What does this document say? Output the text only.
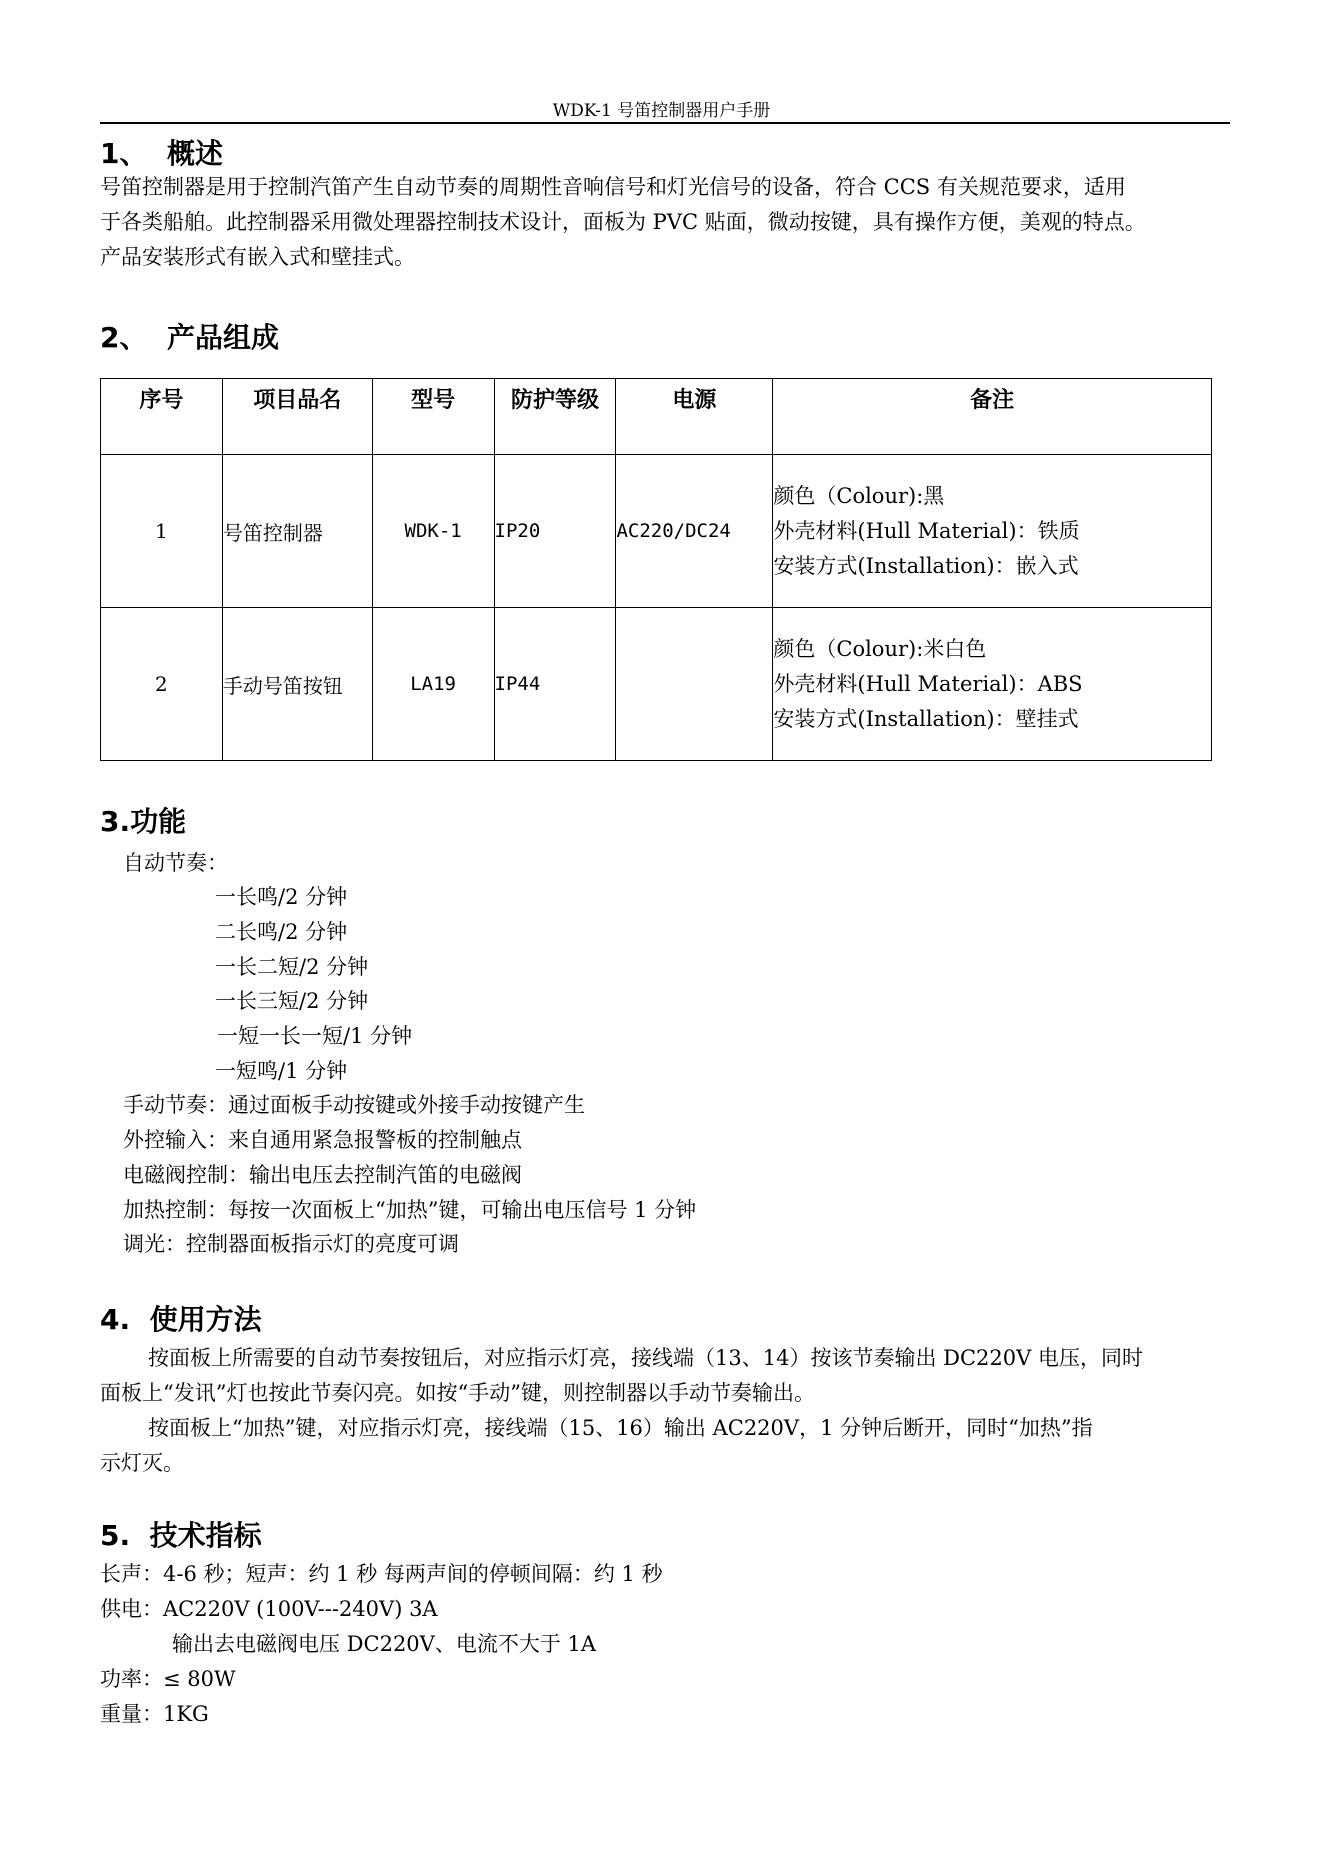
WDK-1 号笛控制器用户手册
1、  概述
号笛控制器是用于控制汽笛产生自动节奏的周期性音响信号和灯光信号的设备，符合 CCS 有关规范要求，适用
于各类船舶。此控制器采用微处理器控制技术设计，面板为 PVC 贴面，微动按键，具有操作方便，美观的特点。
产品安装形式有嵌入式和壁挂式。
2、  产品组成
序号	项目品名	型号	防护等级	电源	备注
1	号笛控制器	WDK-1	IP20	AC220/DC24	颜色（Colour):黑
外壳材料(Hull Material)：铁质
安装方式(Installation)：嵌入式

2	手动号笛按钮	LA19	IP44		颜色（Colour):米白色
外壳材料(Hull Material)：ABS
安装方式(Installation)：壁挂式
3.功能
自动节奏：
一长鸣/2 分钟
二长鸣/2 分钟
一长二短/2 分钟
一长三短/2 分钟
一短一长一短/1 分钟
一短鸣/1 分钟
手动节奏：通过面板手动按键或外接手动按键产生
外控输入：来自通用紧急报警板的控制触点
电磁阀控制：输出电压去控制汽笛的电磁阀
加热控制：每按一次面板上“加热”键，可输出电压信号 1 分钟
调光：控制器面板指示灯的亮度可调
4.  使用方法
按面板上所需要的自动节奏按钮后，对应指示灯亮，接线端（13、14）按该节奏输出 DC220V 电压，同时
面板上“发讯”灯也按此节奏闪亮。如按“手动”键，则控制器以手动节奏输出。
按面板上“加热”键，对应指示灯亮，接线端（15、16）输出 AC220V，1 分钟后断开，同时“加热”指
示灯灭。
5.  技术指标
长声：4-6 秒；短声：约 1 秒 每两声间的停顿间隔：约 1 秒
供电：AC220V (100V---240V) 3A
输出去电磁阀电压 DC220V、电流不大于 1A
功率：≤ 80W
重量：1KG
